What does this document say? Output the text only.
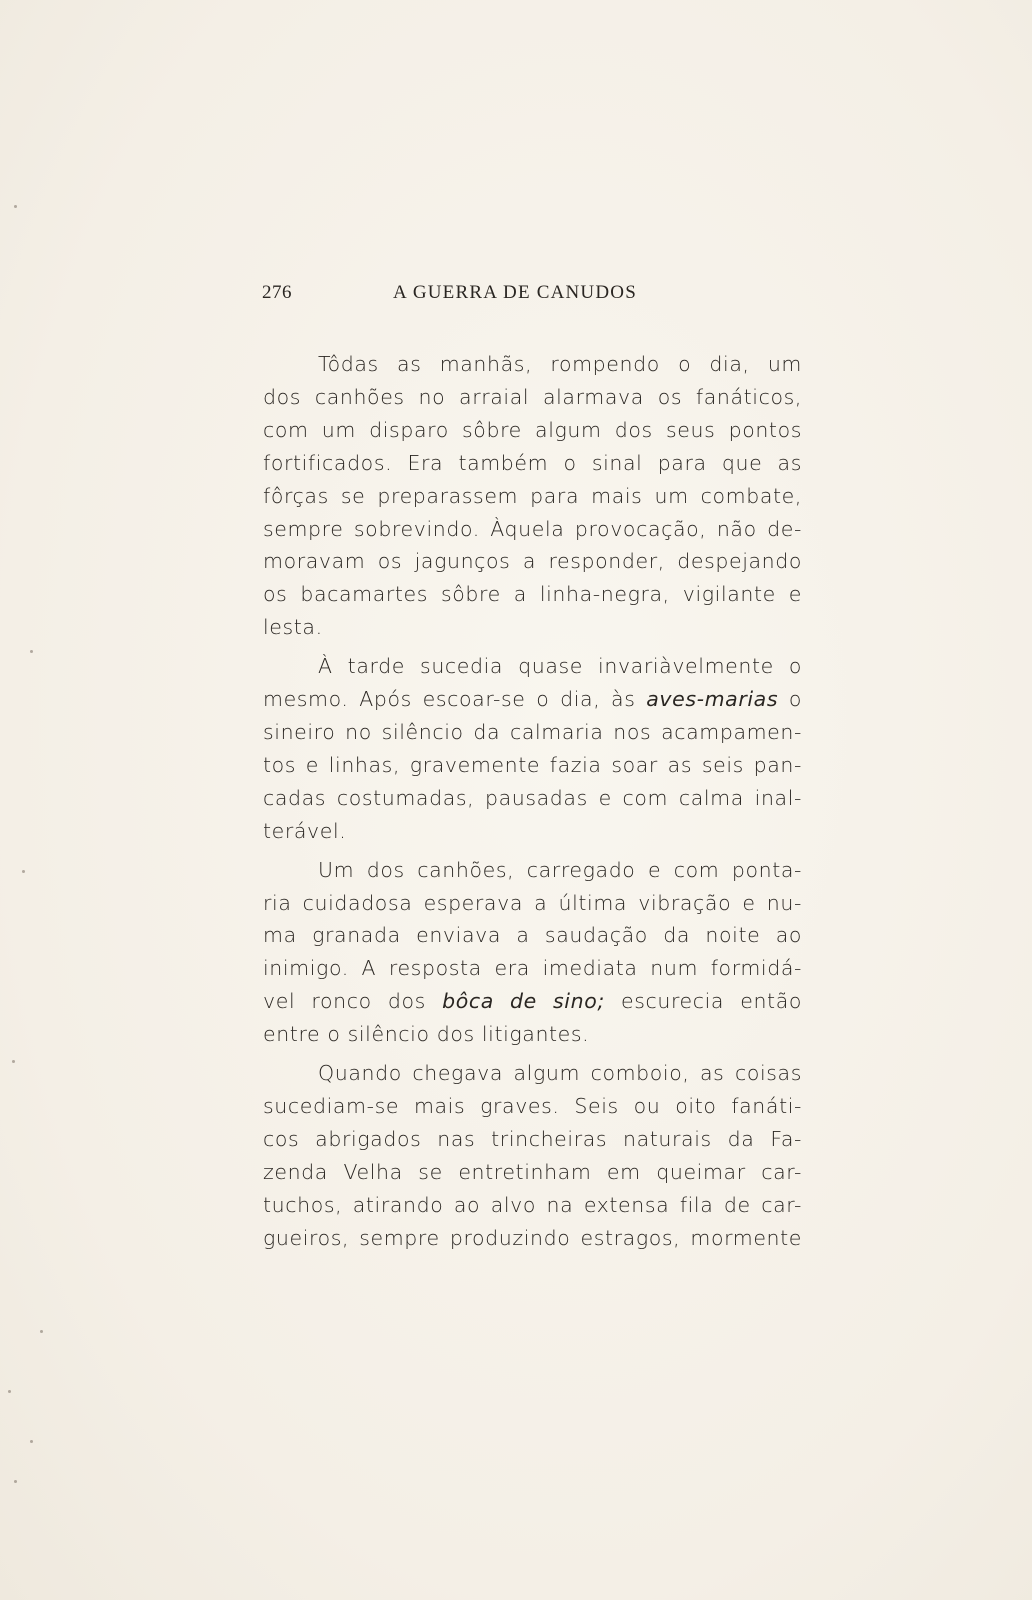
276	A GUERRA DE CANUDOS
Tôdas as manhãs, rompendo o dia, um
dos canhões no arraial alarmava os fanáticos,
com um disparo sôbre algum dos seus pontos
fortificados. Era também o sinal para que as
fôrças se preparassem para mais um combate,
sempre sobrevindo. Àquela provocação, não de-
moravam os jagunços a responder, despejando
os bacamartes sôbre a linha-negra, vigilante e
lesta.
À tarde sucedia quase invariàvelmente o
mesmo. Após escoar-se o dia, às aves-marias o
sineiro no silêncio da calmaria nos acampamen-
tos e linhas, gravemente fazia soar as seis pan-
cadas costumadas, pausadas e com calma inal-
terável.
Um dos canhões, carregado e com ponta-
ria cuidadosa esperava a última vibração e nu-
ma granada enviava a saudação da noite ao
inimigo. A resposta era imediata num formidá-
vel ronco dos bôca de sino; escurecia então
entre o silêncio dos litigantes.
Quando chegava algum comboio, as coisas
sucediam-se mais graves. Seis ou oito fanáti-
cos abrigados nas trincheiras naturais da Fa-
zenda Velha se entretinham em queimar car-
tuchos, atirando ao alvo na extensa fila de car-
gueiros, sempre produzindo estragos, mormente
